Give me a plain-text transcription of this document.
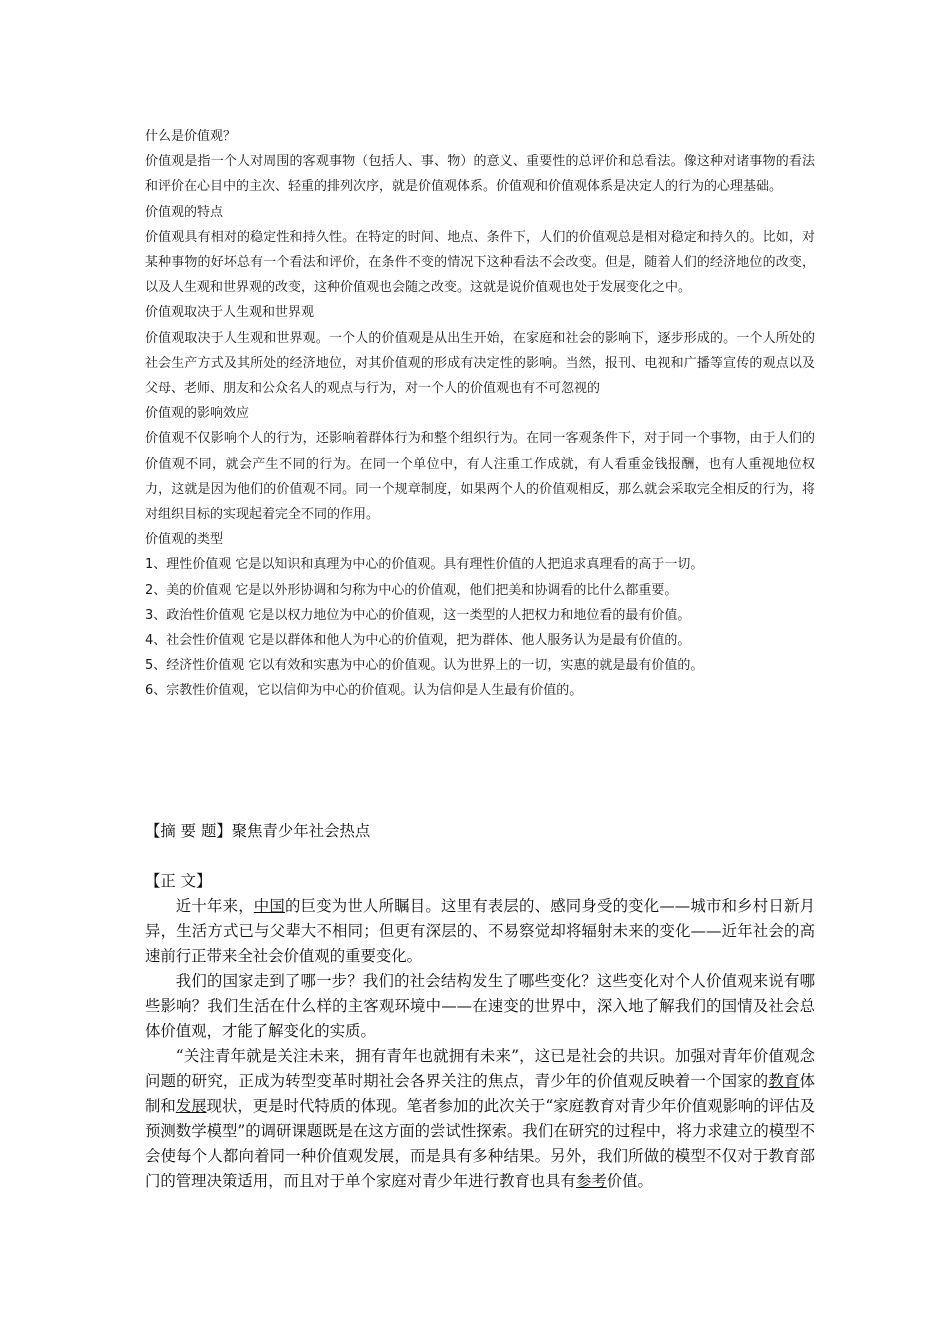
什么是价值观？

价值观是指一个人对周围的客观事物（包括人、事、物）的意义、重要性的总评价和总看法。像这种对诸事物的看法和评价在心目中的主次、轻重的排列次序，就是价值观体系。价值观和价值观体系是决定人的行为的心理基础。

价值观的特点

价值观具有相对的稳定性和持久性。在特定的时间、地点、条件下，人们的价值观总是相对稳定和持久的。比如，对某种事物的好坏总有一个看法和评价，在条件不变的情况下这种看法不会改变。但是，随着人们的经济地位的改变，以及人生观和世界观的改变，这种价值观也会随之改变。这就是说价值观也处于发展变化之中。

价值观取决于人生观和世界观

价值观取决于人生观和世界观。一个人的价值观是从出生开始，在家庭和社会的影响下，逐步形成的。一个人所处的社会生产方式及其所处的经济地位，对其价值观的形成有决定性的影响。当然，报刊、电视和广播等宣传的观点以及父母、老师、朋友和公众名人的观点与行为，对一个人的价值观也有不可忽视的

价值观的影响效应

价值观不仅影响个人的行为，还影响着群体行为和整个组织行为。在同一客观条件下，对于同一个事物，由于人们的价值观不同，就会产生不同的行为。在同一个单位中，有人注重工作成就，有人看重金钱报酬，也有人重视地位权力，这就是因为他们的价值观不同。同一个规章制度，如果两个人的价值观相反，那么就会采取完全相反的行为，将对组织目标的实现起着完全不同的作用。

价值观的类型

1、理性价值观 它是以知识和真理为中心的价值观。具有理性价值的人把追求真理看的高于一切。

2、美的价值观 它是以外形协调和匀称为中心的价值观，他们把美和协调看的比什么都重要。

3、政治性价值观 它是以权力地位为中心的价值观，这一类型的人把权力和地位看的最有价值。

4、社会性价值观 它是以群体和他人为中心的价值观，把为群体、他人服务认为是最有价值的。

5、经济性价值观 它以有效和实惠为中心的价值观。认为世界上的一切，实惠的就是最有价值的。

6、宗教性价值观，它以信仰为中心的价值观。认为信仰是人生最有价值的。

【摘 要 题】聚焦青少年社会热点

【正 文】

近十年来，中国的巨变为世人所瞩目。这里有表层的、感同身受的变化——城市和乡村日新月异，生活方式已与父辈大不相同；但更有深层的、不易察觉却将辐射未来的变化——近年社会的高速前行正带来全社会价值观的重要变化。

我们的国家走到了哪一步？我们的社会结构发生了哪些变化？这些变化对个人价值观来说有哪些影响？我们生活在什么样的主客观环境中——在速变的世界中，深入地了解我们的国情及社会总体价值观，才能了解变化的实质。

“关注青年就是关注未来，拥有青年也就拥有未来”，这已是社会的共识。加强对青年价值观念问题的研究，正成为转型变革时期社会各界关注的焦点，青少年的价值观反映着一个国家的教育体制和发展现状，更是时代特质的体现。笔者参加的此次关于“家庭教育对青少年价值观影响的评估及预测数学模型”的调研课题既是在这方面的尝试性探索。我们在研究的过程中，将力求建立的模型不会使每个人都向着同一种价值观发展，而是具有多种结果。另外，我们所做的模型不仅对于教育部门的管理决策适用，而且对于单个家庭对青少年进行教育也具有参考价值。
